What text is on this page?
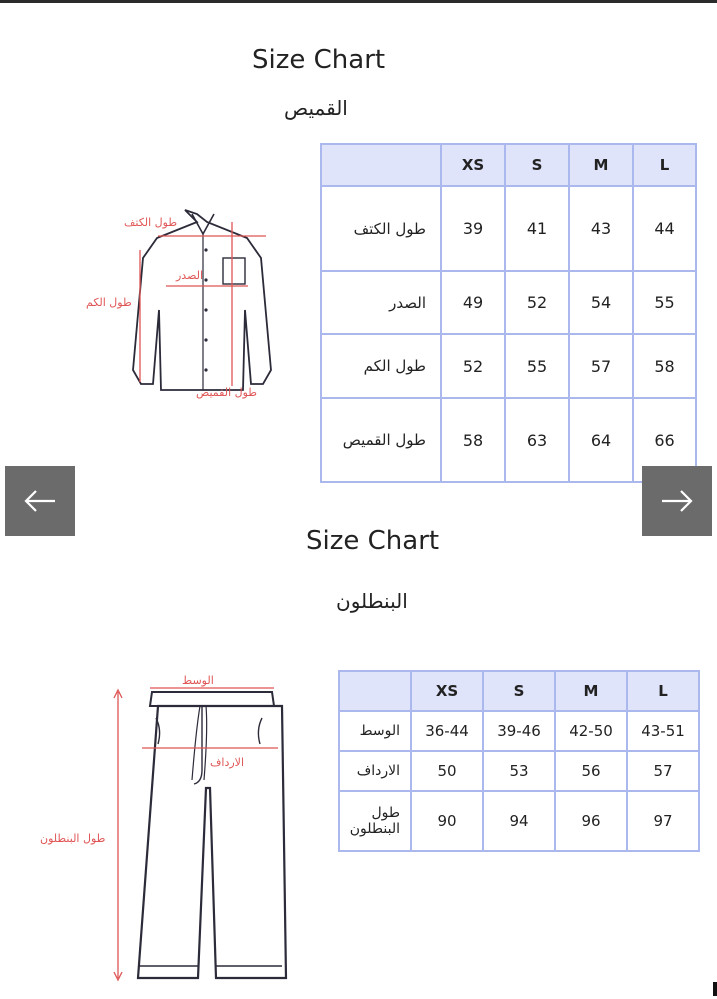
Size Chart
القميص
طول الكتف
الصدر
طول الكم
طول القميص
	XS	S	M	L
طول الكتف	39	41	43	44
الصدر	49	52	54	55
طول الكم	52	55	57	58
طول القميص	58	63	64	66
Size Chart
البنطلون
الوسط
الارداف
طول البنطلون
	XS	S	M	L
الوسط	36-44	39-46	42-50	43-51
الارداف	50	53	56	57
طول البنطلون	90	94	96	97
